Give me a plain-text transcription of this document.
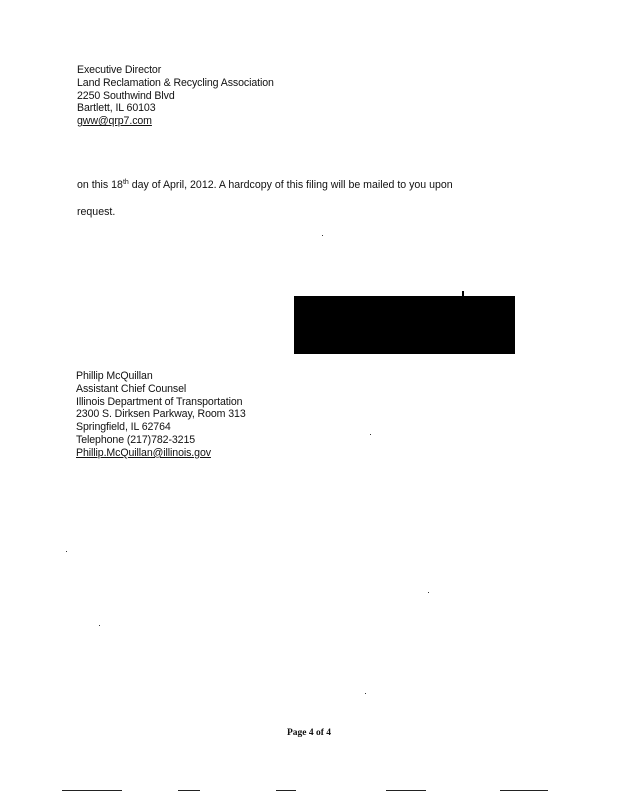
Executive Director
Land Reclamation & Recycling Association
2250 Southwind Blvd
Bartlett, IL 60103
gww@qrp7.com
on this 18th day of April, 2012. A hardcopy of this filing will be mailed to you upon
request.
Phillip McQuillan
Assistant Chief Counsel
Illinois Department of Transportation
2300 S. Dirksen Parkway, Room 313
Springfield, IL 62764
Telephone (217)782-3215
Phillip.McQuillan@illinois.gov
Page 4 of 4
